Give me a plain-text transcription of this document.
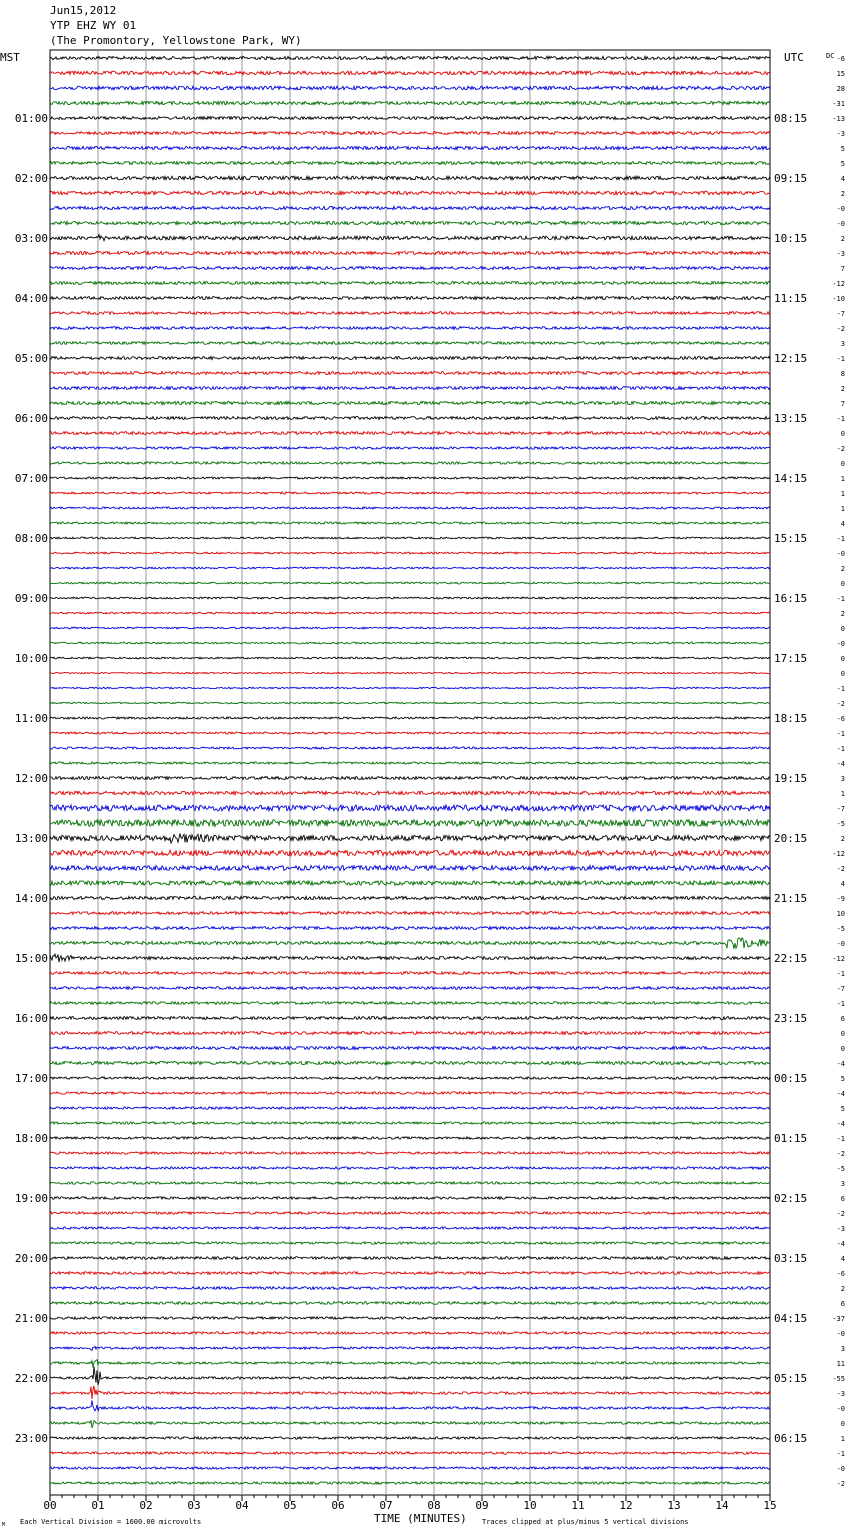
Jun15,2012
YTP EHZ WY 01
(The Promontory, Yellowstone Park, WY)
MST	UTC	DC
TIME (MINUTES)
Each Vertical Division = 1600.00 microvolts	Traces clipped at plus/minus 5 vertical divisions
M
-6
15
28
-31
-13
-3
5
5
4
2
-0
-0
2
-3
7
-12
-10
-7
-2
3
-1
8
2
7
-1
0
-2
0
1
1
1
4
-1
-0
2
0
-1
2
0
-0
0
0
-1
-2
-6
-1
-1
-4
3
1
-7
-5
2
-12
-2
4
-9
10
-5
-0
-12
-1
-7
-1
6
0
0
-4
5
-4
5
-4
-1
-2
-5
3
6
-2
-3
-4
4
-6
2
6
-37
-0
3
11
-55
-3
-0
0
1
-1
-0
-2
01:00
02:00
03:00
04:00
05:00
06:00
07:00
08:00
09:00
10:00
11:00
12:00
13:00
14:00
15:00
16:00
17:00
18:00
19:00
20:00
21:00
22:00
23:00
08:15
09:15
10:15
11:15
12:15
13:15
14:15
15:15
16:15
17:15
18:15
19:15
20:15
21:15
22:15
23:15
00:15
01:15
02:15
03:15
04:15
05:15
06:15
00	01	02	03	04	05	06	07	08	09	10	11	12	13	14	15
